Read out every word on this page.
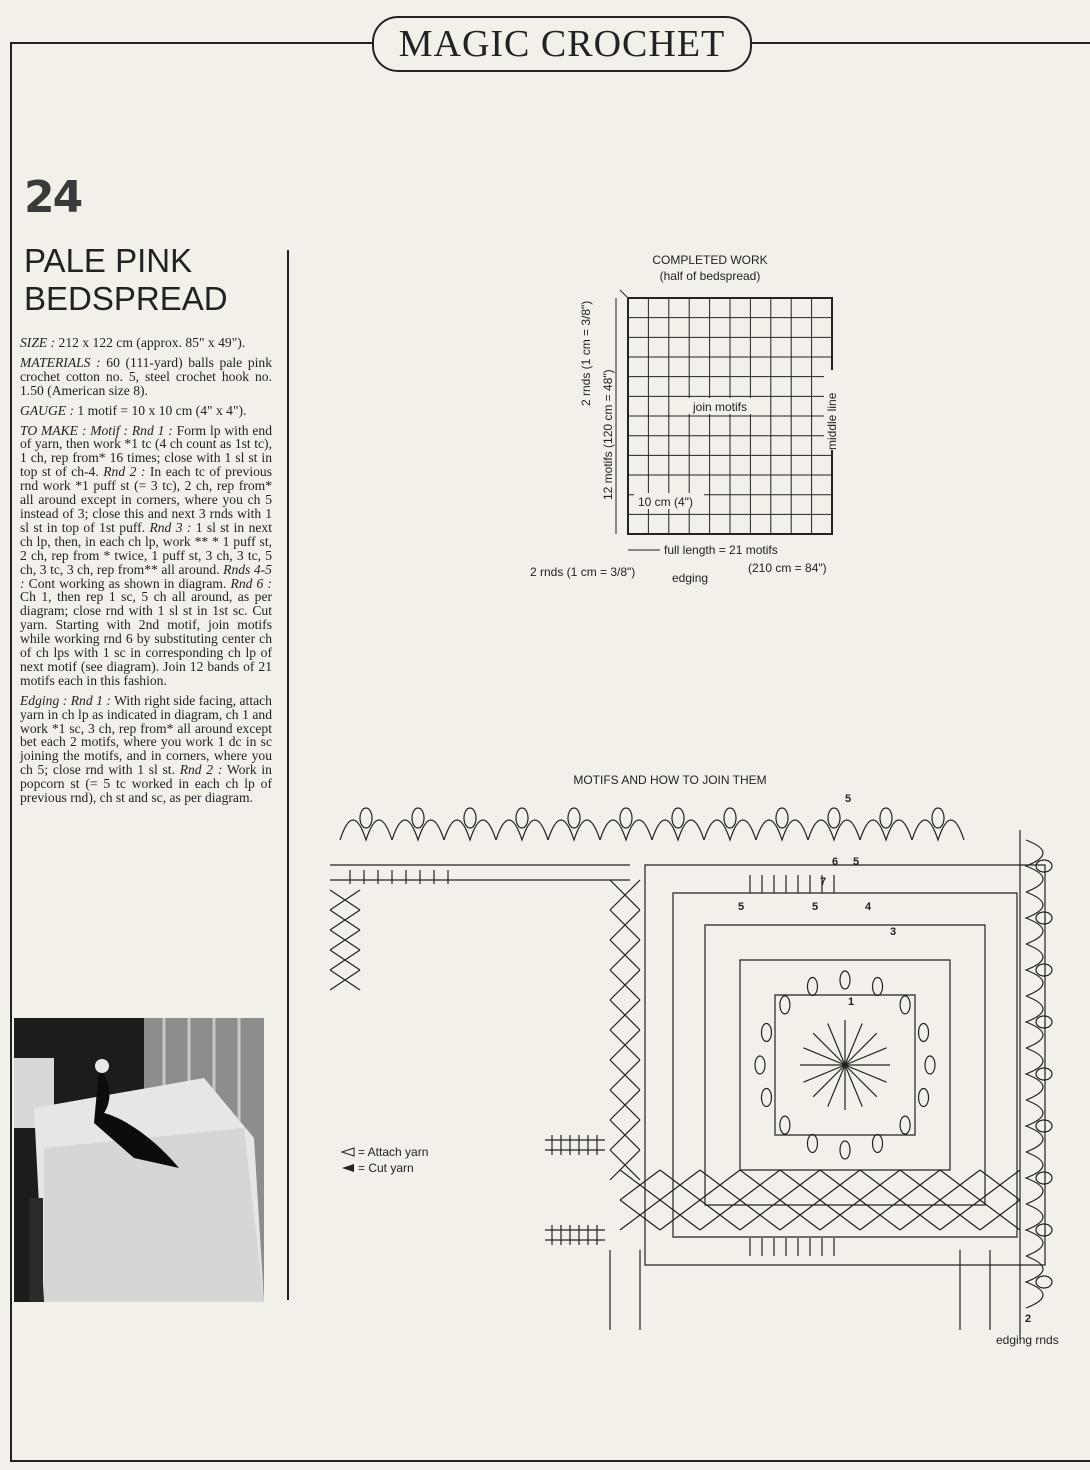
MAGIC CROCHET
24
PALE PINK BEDSPREAD

SIZE : 212 x 122 cm (approx. 85" x 49").

MATERIALS : 60 (111-yard) balls pale pink crochet cotton no. 5, steel crochet hook no. 1.50 (American size 8).

GAUGE : 1 motif = 10 x 10 cm (4" x 4").

TO MAKE : Motif : Rnd 1 : Form lp with end of yarn, then work *1 tc (4 ch count as 1st tc), 1 ch, rep from* 16 times; close with 1 sl st in top st of ch-4. Rnd 2 : In each tc of previous rnd work *1 puff st (= 3 tc), 2 ch, rep from* all around except in corners, where you ch 5 instead of 3; close this and next 3 rnds with 1 sl st in top of 1st puff. Rnd 3 : 1 sl st in next ch lp, then, in each ch lp, work ** * 1 puff st, 2 ch, rep from * twice, 1 puff st, 3 ch, 3 tc, 5 ch, 3 tc, 3 ch, rep from** all around. Rnds 4-5 : Cont working as shown in diagram. Rnd 6 : Ch 1, then rep 1 sc, 5 ch all around, as per diagram; close rnd with 1 sl st in 1st sc. Cut yarn. Starting with 2nd motif, join motifs while working rnd 6 by substituting center ch of ch lps with 1 sc in corresponding ch lp of next motif (see diagram). Join 12 bands of 21 motifs each in this fashion.

Edging : Rnd 1 : With right side facing, attach yarn in ch lp as indicated in diagram, ch 1 and work *1 sc, 3 ch, rep from* all around except bet each 2 motifs, where you work 1 dc in sc joining the motifs, and in corners, where you ch 5; close rnd with 1 sl st. Rnd 2 : Work in popcorn st (= 5 tc worked in each ch lp of previous rnd), ch st and sc, as per diagram.

COMPLETED WORK
(half of bedspread)
12 motifs (120 cm = 48")
2 rnds (1 cm = 3/8")
join motifs	middle line
10 cm (4")
full length = 21 motifs
(210 cm = 84")
2 rnds (1 cm = 3/8")	edging
MOTIFS AND HOW TO JOIN THEM
5
6 5
7
5
5	4
3
1
2
= Attach yarn
= Cut yarn
edging rnds
